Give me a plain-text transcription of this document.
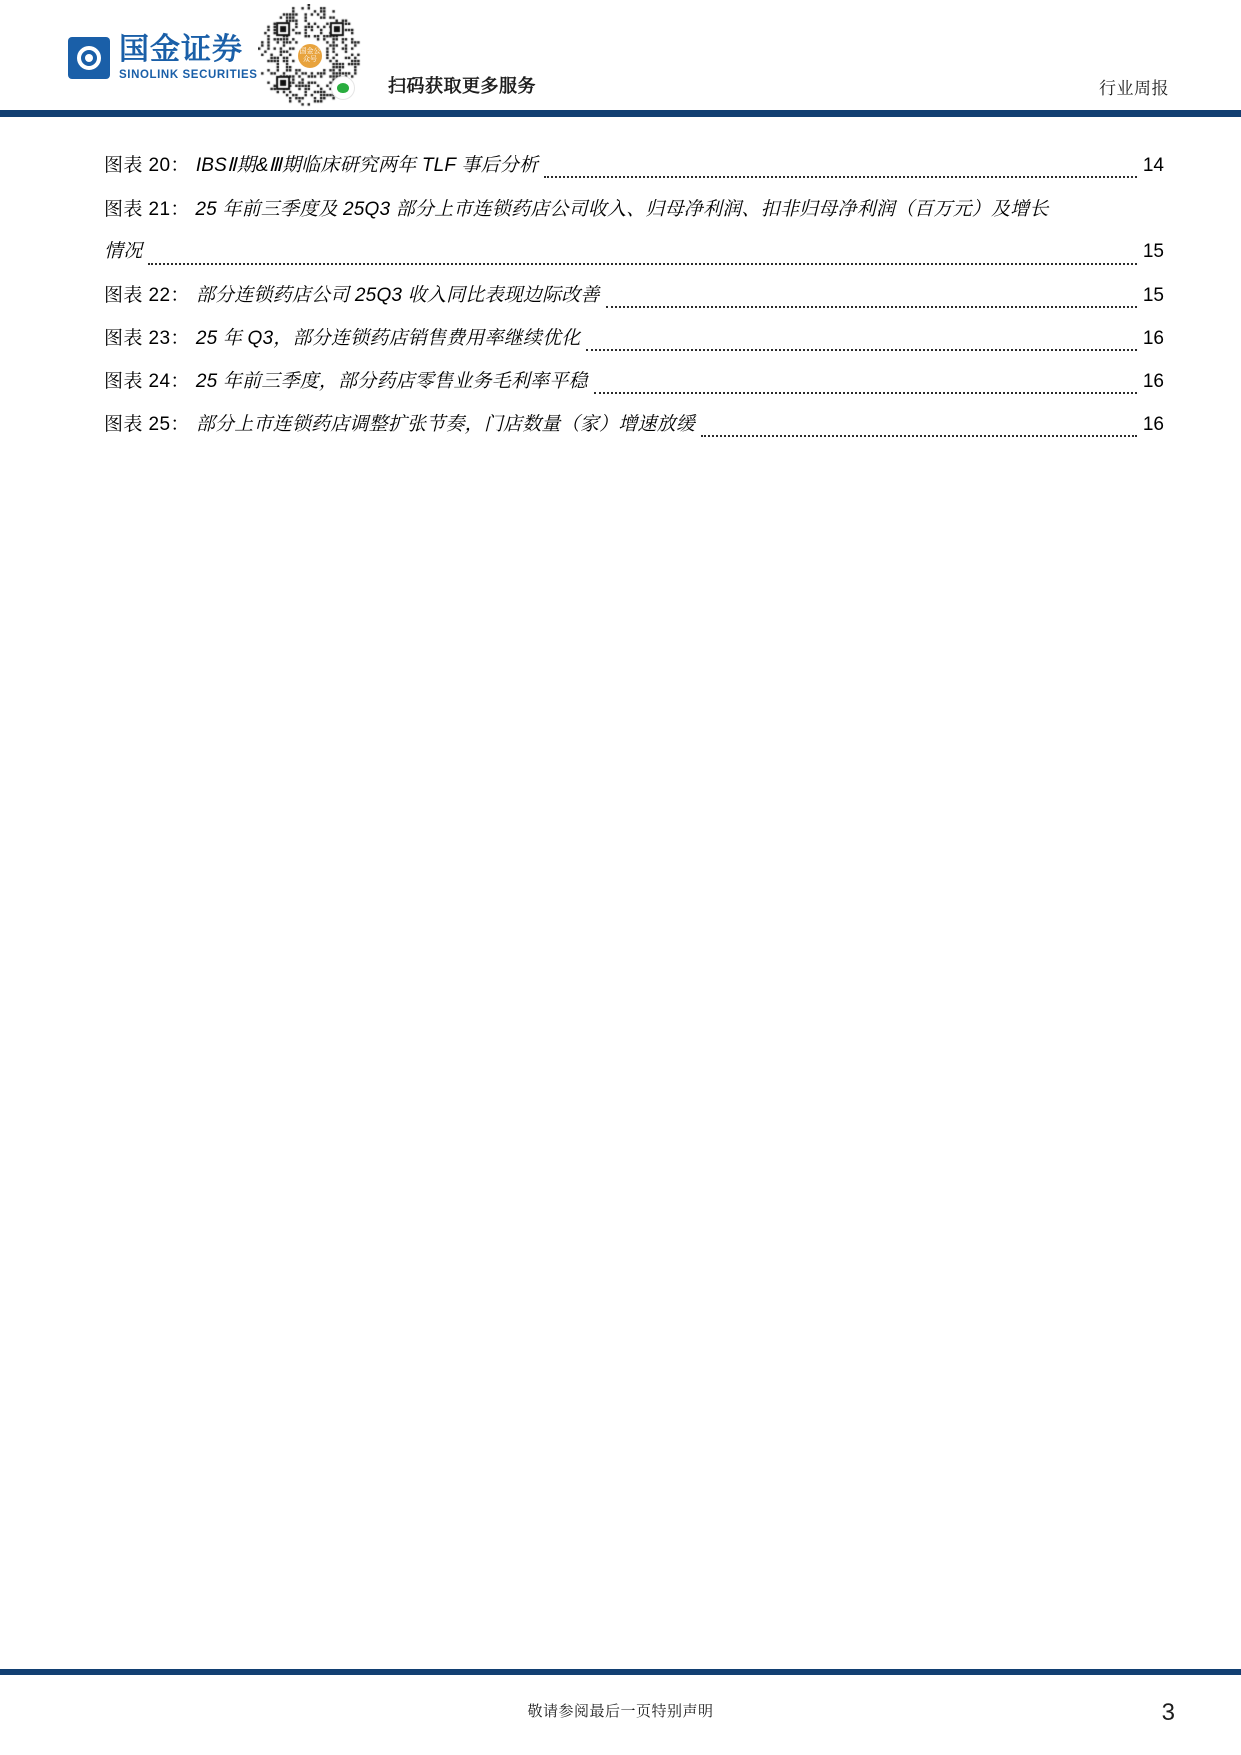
国金证券
SINOLINK SECURITIES
国金公众号
扫码获取更多服务	行业周报
图表 20： IBSⅡ期&Ⅲ期临床研究两年 TLF 事后分析	14
图表 21： 25 年前三季度及 25Q3 部分上市连锁药店公司收入、归母净利润、扣非归母净利润（百万元）及增长
情况	15
图表 22： 部分连锁药店公司 25Q3 收入同比表现边际改善	15
图表 23： 25 年 Q3，部分连锁药店销售费用率继续优化	16
图表 24： 25 年前三季度，部分药店零售业务毛利率平稳	16
图表 25： 部分上市连锁药店调整扩张节奏，门店数量（家）增速放缓	16
敬请参阅最后一页特别声明	3
